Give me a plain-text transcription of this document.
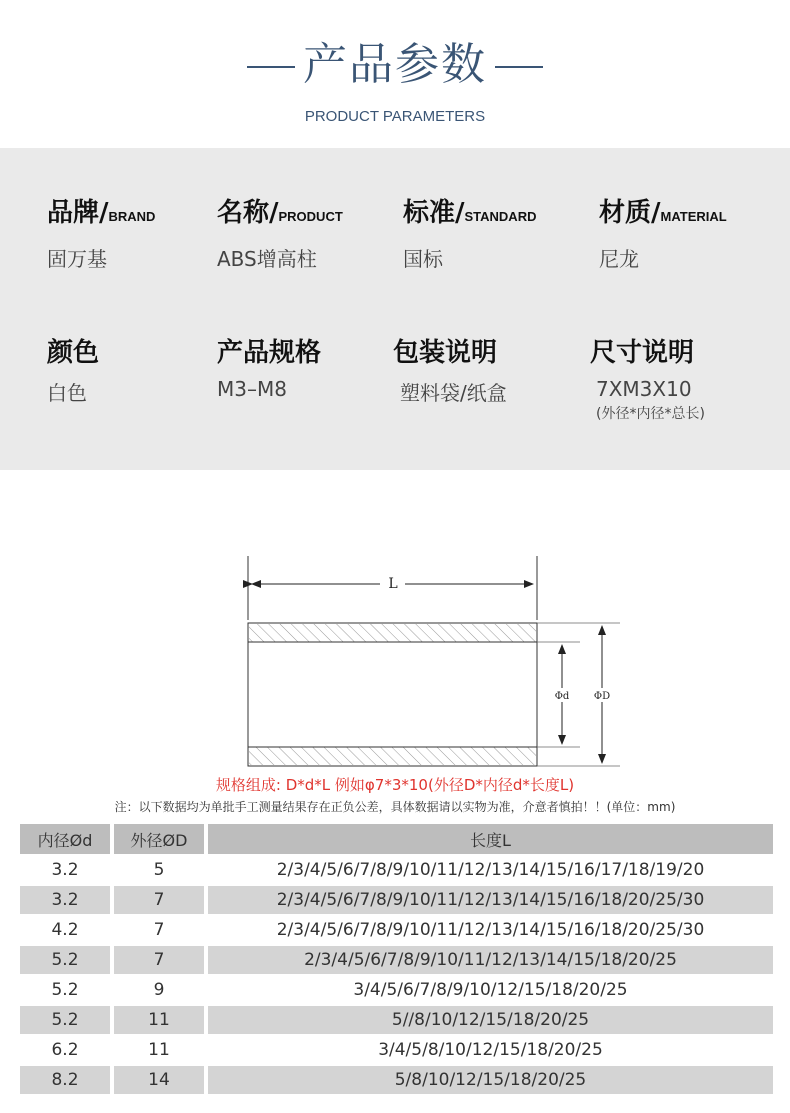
产品参数
PRODUCT PARAMETERS
品牌/BRAND
固万基
名称/PRODUCT
ABS增高柱
标准/STANDARD
国标
材质/MATERIAL
尼龙
颜色
白色
产品规格
M3–M8
包装说明
塑料袋/纸盒
尺寸说明
7XM3X10
(外径*内径*总长)
L
Φd ΦD
规格组成: D*d*L 例如φ7*3*10(外径D*内径d*长度L)
注：以下数据均为单批手工测量结果存在正负公差，具体数据请以实物为准，介意者慎拍！！(单位：mm)
内径Ød	外径ØD	长度L
3.2	5	2/3/4/5/6/7/8/9/10/11/12/13/14/15/16/17/18/19/20
3.2	7	2/3/4/5/6/7/8/9/10/11/12/13/14/15/16/18/20/25/30
4.2	7	2/3/4/5/6/7/8/9/10/11/12/13/14/15/16/18/20/25/30
5.2	7	2/3/4/5/6/7/8/9/10/11/12/13/14/15/18/20/25
5.2	9	3/4/5/6/7/8/9/10/12/15/18/20/25
5.2	11	5//8/10/12/15/18/20/25
6.2	11	3/4/5/8/10/12/15/18/20/25
8.2	14	5/8/10/12/15/18/20/25
